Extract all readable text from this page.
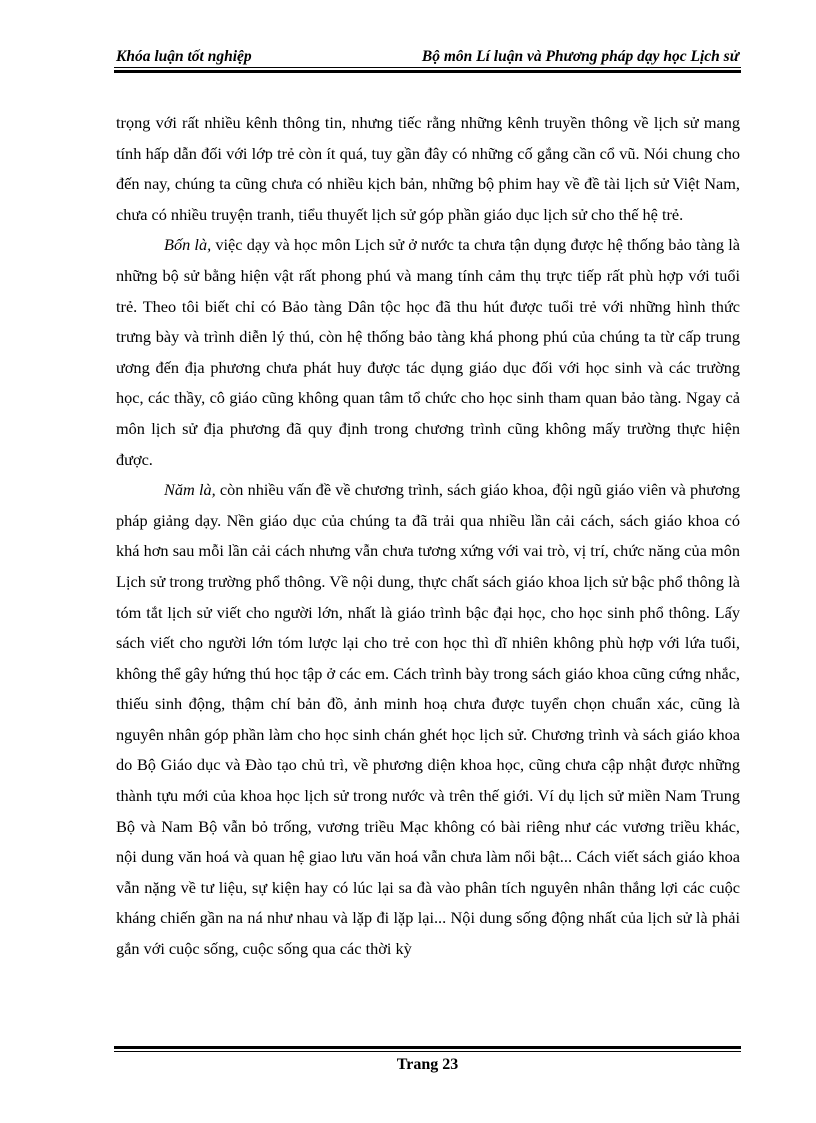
Khóa luận tốt nghiệp	Bộ môn Lí luận và Phương pháp dạy học Lịch sử

trọng với rất nhiều kênh thông tin, nhưng tiếc rằng những kênh truyền thông về lịch sử mang tính hấp dẫn đối với lớp trẻ còn ít quá, tuy gần đây có những cố gắng cần cổ vũ. Nói chung cho đến nay, chúng ta cũng chưa có nhiều kịch bản, những bộ phim hay về đề tài lịch sử Việt Nam, chưa có nhiều truyện tranh, tiểu thuyết lịch sử góp phần giáo dục lịch sử cho thế hệ trẻ.

Bốn là, việc dạy và học môn Lịch sử ở nước ta chưa tận dụng được hệ thống bảo tàng là những bộ sử bằng hiện vật rất phong phú và mang tính cảm thụ trực tiếp rất phù hợp với tuổi trẻ. Theo tôi biết chỉ có Bảo tàng Dân tộc học đã thu hút được tuổi trẻ với những hình thức trưng bày và trình diễn lý thú, còn hệ thống bảo tàng khá phong phú của chúng ta từ cấp trung ương đến địa phương chưa phát huy được tác dụng giáo dục đối với học sinh và các trường học, các thầy, cô giáo cũng không quan tâm tổ chức cho học sinh tham quan bảo tàng. Ngay cả môn lịch sử địa phương đã quy định trong chương trình cũng không mấy trường thực hiện được.

Năm là, còn nhiều vấn đề về chương trình, sách giáo khoa, đội ngũ giáo viên và phương pháp giảng dạy. Nền giáo dục của chúng ta đã trải qua nhiều lần cải cách, sách giáo khoa có khá hơn sau mỗi lần cải cách nhưng vẫn chưa tương xứng với vai trò, vị trí, chức năng của môn Lịch sử trong trường phổ thông. Về nội dung, thực chất sách giáo khoa lịch sử bậc phổ thông là tóm tắt lịch sử viết cho người lớn, nhất là giáo trình bậc đại học, cho học sinh phổ thông. Lấy sách viết cho người lớn tóm lược lại cho trẻ con học thì dĩ nhiên không phù hợp với lứa tuổi, không thể gây hứng thú học tập ở các em. Cách trình bày trong sách giáo khoa cũng cứng nhắc, thiếu sinh động, thậm chí bản đồ, ảnh minh hoạ chưa được tuyển chọn chuẩn xác, cũng là nguyên nhân góp phần làm cho học sinh chán ghét học lịch sử. Chương trình và sách giáo khoa do Bộ Giáo dục và Đào tạo chủ trì, về phương diện khoa học, cũng chưa cập nhật được những thành tựu mới của khoa học lịch sử trong nước và trên thế giới. Ví dụ lịch sử miền Nam Trung Bộ và Nam Bộ vẫn bỏ trống, vương triều Mạc không có bài riêng như các vương triều khác, nội dung văn hoá và quan hệ giao lưu văn hoá vẫn chưa làm nổi bật... Cách viết sách giáo khoa vẫn nặng về tư liệu, sự kiện hay có lúc lại sa đà vào phân tích nguyên nhân thắng lợi các cuộc kháng chiến gần na ná như nhau và lặp đi lặp lại... Nội dung sống động nhất của lịch sử là phải gắn với cuộc sống, cuộc sống qua các thời kỳ

Trang 23
